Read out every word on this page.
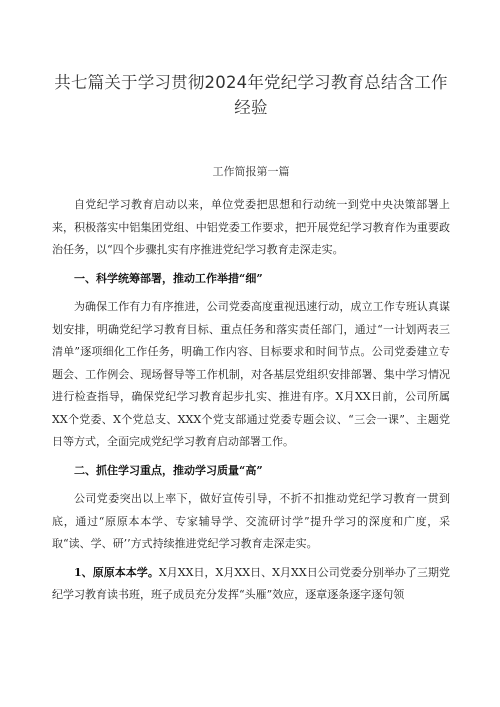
共七篇关于学习贯彻2024年党纪学习教育总结含工作经验
工作简报第一篇

自党纪学习教育启动以来，单位党委把思想和行动统一到党中央决策部署上来，积极落实中铝集团党组、中铝党委工作要求，把开展党纪学习教育作为重要政治任务，以“四个步骤扎实有序推进党纪学习教育走深走实。

一、科学统筹部署，推动工作举措“细”

为确保工作有力有序推进，公司党委高度重视迅速行动，成立工作专班认真谋划安排，明确党纪学习教育目标、重点任务和落实责任部门，通过“一计划两表三清单”逐项细化工作任务，明确工作内容、目标要求和时间节点。公司党委建立专题会、工作例会、现场督导等工作机制，对各基层党组织安排部署、集中学习情况进行检查指导，确保党纪学习教育起步扎实、推进有序。X月XX日前，公司所属XX个党委、X个党总支、XXX个党支部通过党委专题会议、“三会一课”、主题党日等方式，全面完成党纪学习教育启动部署工作。

二、抓住学习重点，推动学习质量“高”

公司党委突出以上率下，做好宣传引导，不折不扣推动党纪学习教育一贯到底，通过“原原本本学、专家辅导学、交流研讨学”提升学习的深度和广度，采取“读、学、研’’方式持续推进党纪学习教育走深走实。

1、原原本本学。X月XX日，X月XX日、X月XX日公司党委分别举办了三期党纪学习教育读书班，班子成员充分发挥“头雁”效应，逐章逐条逐字逐句领
